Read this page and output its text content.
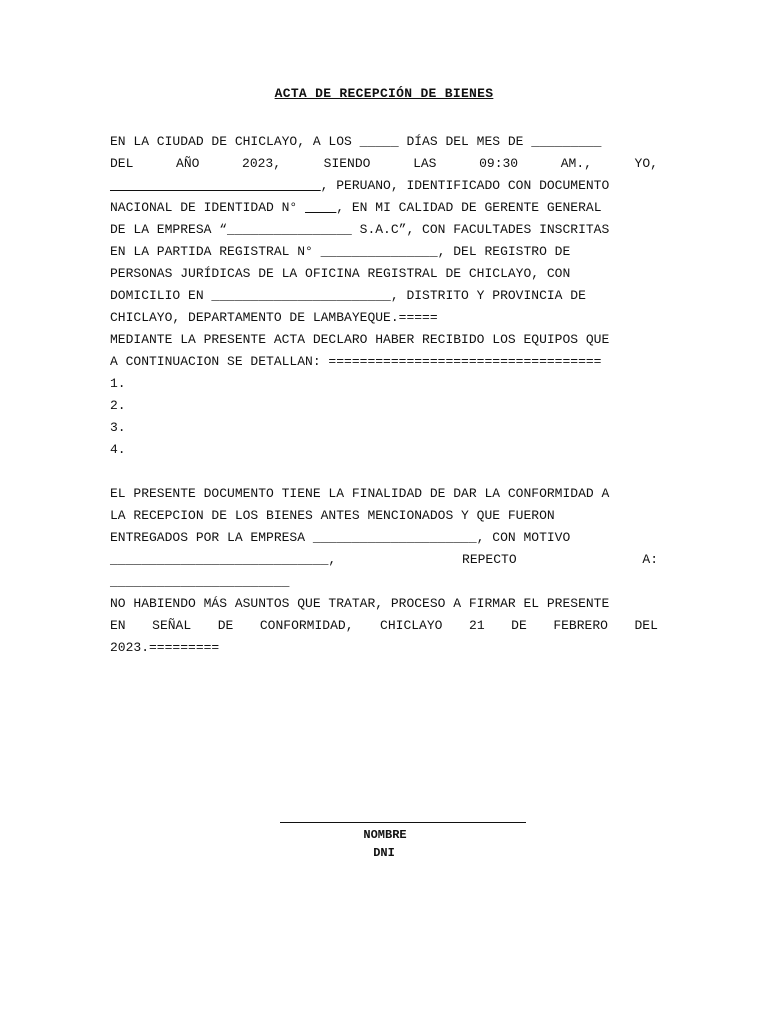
ACTA DE RECEPCIÓN DE BIENES
EN LA CIUDAD DE CHICLAYO, A LOS _____ DÍAS DEL MES DE _________
DEL	AÑO	2023,	SIENDO	LAS	09:30	AM.,	YO,
___________________________, PERUANO, IDENTIFICADO CON DOCUMENTO
NACIONAL DE IDENTIDAD N° ____, EN MI CALIDAD DE GERENTE GENERAL
DE LA EMPRESA “________________ S.A.C”, CON FACULTADES INSCRITAS
EN LA PARTIDA REGISTRAL N° _______________, DEL REGISTRO DE
PERSONAS JURÍDICAS DE LA OFICINA REGISTRAL DE CHICLAYO, CON
DOMICILIO EN _______________________, DISTRITO Y PROVINCIA DE
CHICLAYO, DEPARTAMENTO DE LAMBAYEQUE.=====
MEDIANTE LA PRESENTE ACTA DECLARO HABER RECIBIDO LOS EQUIPOS QUE
A CONTINUACION SE DETALLAN: ===================================
1.
2.
3.
4.
EL PRESENTE DOCUMENTO TIENE LA FINALIDAD DE DAR LA CONFORMIDAD A
LA RECEPCION DE LOS BIENES ANTES MENCIONADOS Y QUE FUERON
ENTREGADOS POR LA EMPRESA _____________________, CON MOTIVO
____________________________,	REPECTO	A:
_______________________
NO HABIENDO MÁS ASUNTOS QUE TRATAR, PROCESO A FIRMAR EL PRESENTE
EN SEÑAL DE CONFORMIDAD, CHICLAYO 21 DE FEBRERO DEL
2023.=========
NOMBRE
DNI
